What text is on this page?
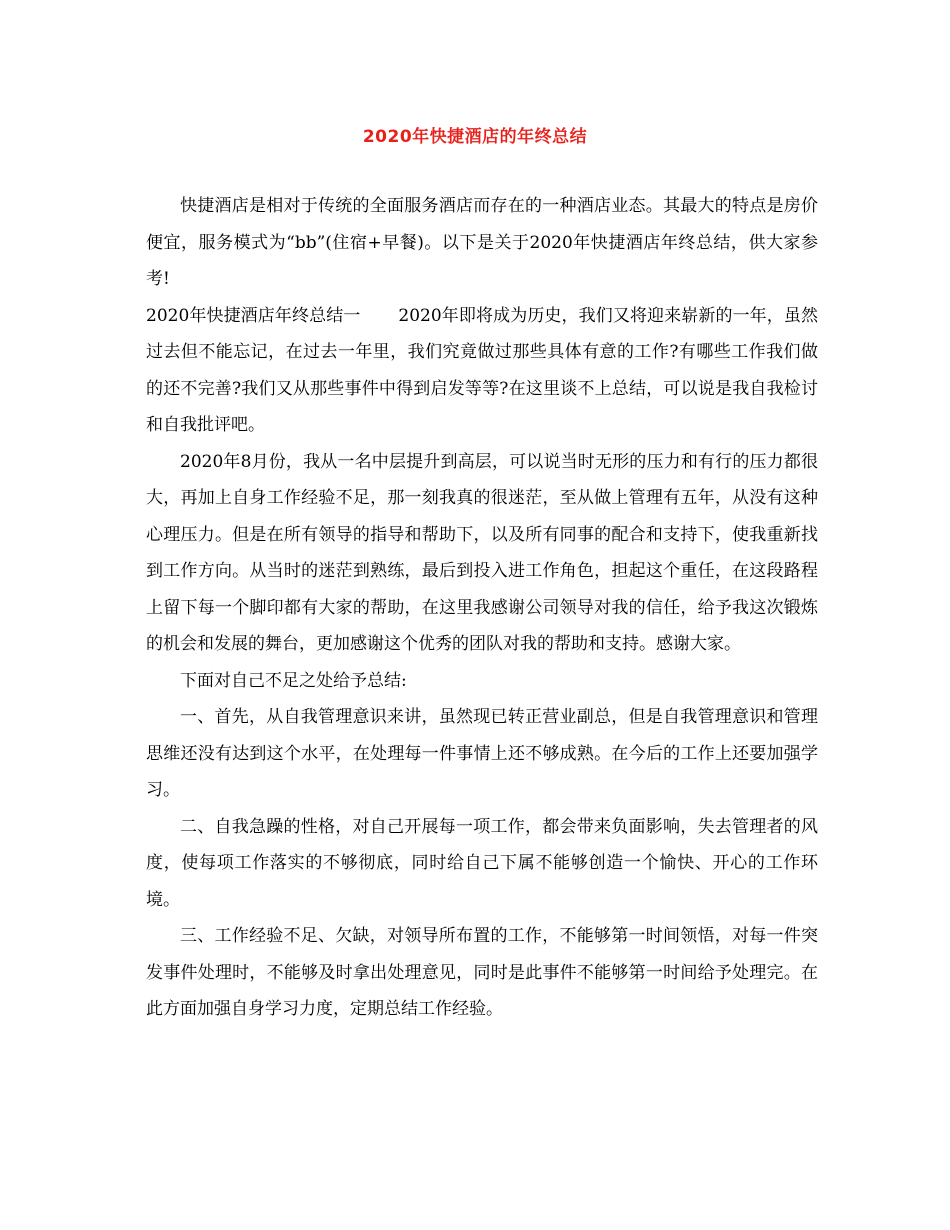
2020年快捷酒店的年终总结

快捷酒店是相对于传统的全面服务酒店而存在的一种酒店业态。其最大的特点是房价便宜，服务模式为“bb”(住宿+早餐)。以下是关于2020年快捷酒店年终总结，供大家参考!

2020年快捷酒店年终总结一 2020年即将成为历史，我们又将迎来崭新的一年，虽然过去但不能忘记，在过去一年里，我们究竟做过那些具体有意的工作?有哪些工作我们做的还不完善?我们又从那些事件中得到启发等等?在这里谈不上总结，可以说是我自我检讨和自我批评吧。

2020年8月份，我从一名中层提升到高层，可以说当时无形的压力和有行的压力都很大，再加上自身工作经验不足，那一刻我真的很迷茫，至从做上管理有五年，从没有这种心理压力。但是在所有领导的指导和帮助下，以及所有同事的配合和支持下，使我重新找到工作方向。从当时的迷茫到熟练，最后到投入进工作角色，担起这个重任，在这段路程上留下每一个脚印都有大家的帮助，在这里我感谢公司领导对我的信任，给予我这次锻炼的机会和发展的舞台，更加感谢这个优秀的团队对我的帮助和支持。感谢大家。

下面对自己不足之处给予总结:

一、首先，从自我管理意识来讲，虽然现已转正营业副总，但是自我管理意识和管理思维还没有达到这个水平，在处理每一件事情上还不够成熟。在今后的工作上还要加强学习。

二、自我急躁的性格，对自己开展每一项工作，都会带来负面影响，失去管理者的风度，使每项工作落实的不够彻底，同时给自己下属不能够创造一个愉快、开心的工作环境。

三、工作经验不足、欠缺，对领导所布置的工作，不能够第一时间领悟，对每一件突发事件处理时，不能够及时拿出处理意见，同时是此事件不能够第一时间给予处理完。在此方面加强自身学习力度，定期总结工作经验。
